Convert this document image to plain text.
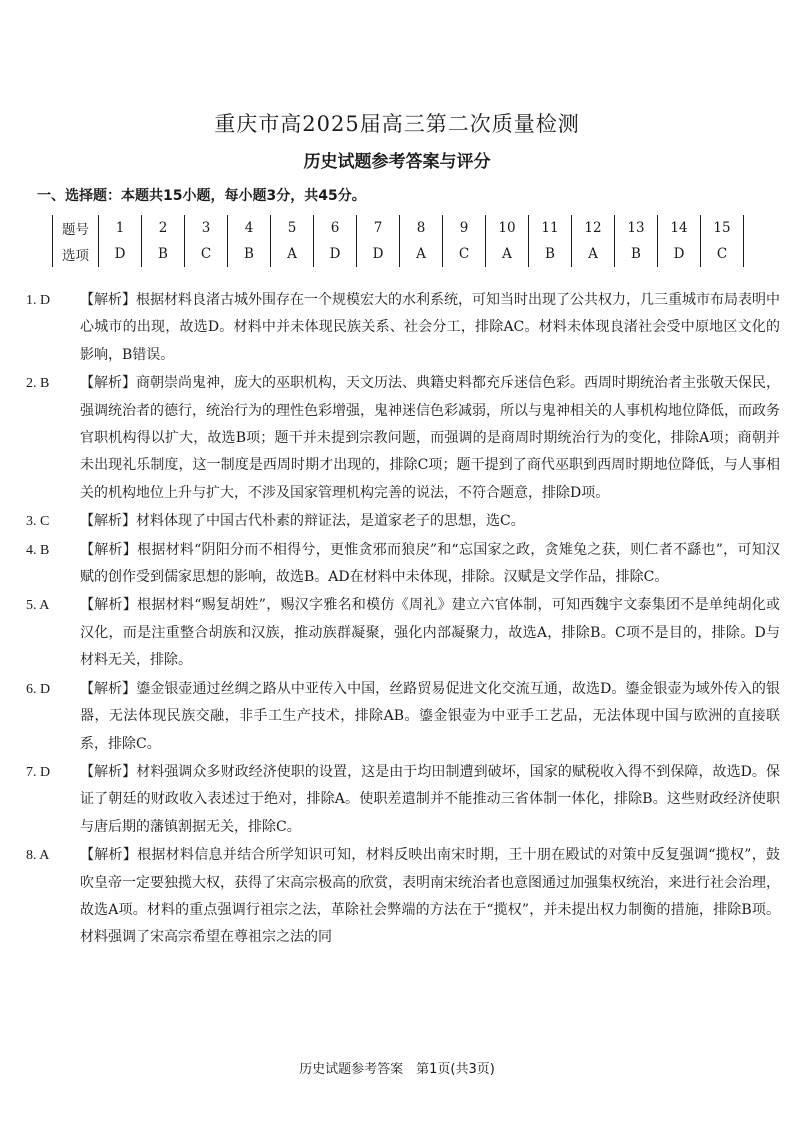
重庆市高2025届高三第二次质量检测
历史试题参考答案与评分
一、选择题：本题共15小题，每小题3分，共45分。
题号	1	2	3	4	5	6	7	8	9	10	11	12	13	14	15
选项	D	B	C	B	A	D	D	A	C	A	B	A	B	D	C
1. D	【解析】根据材料良渚古城外围存在一个规模宏大的水利系统，可知当时出现了公共权力，几三重城市布局表明中心城市的出现，故选D。材料中并未体现民族关系、社会分工，排除AC。材料未体现良渚社会受中原地区文化的影响，B错误。
2. B	【解析】商朝崇尚鬼神，庞大的巫职机构，天文历法、典籍史料都充斥迷信色彩。西周时期统治者主张敬天保民，强调统治者的德行，统治行为的理性色彩增强，鬼神迷信色彩减弱，所以与鬼神相关的人事机构地位降低，而政务官职机构得以扩大，故选B项；题干并未提到宗教问题，而强调的是商周时期统治行为的变化，排除A项；商朝并未出现礼乐制度，这一制度是西周时期才出现的，排除C项；题干提到了商代巫职到西周时期地位降低，与人事相关的机构地位上升与扩大，不涉及国家管理机构完善的说法，不符合题意，排除D项。
3. C	【解析】材料体现了中国古代朴素的辩证法，是道家老子的思想，选C。
4. B	【解析】根据材料“阴阳分而不相得兮，更惟贪邪而狼戾”和“忘国家之政，贪雉兔之获，则仁者不繇也”，可知汉赋的创作受到儒家思想的影响，故选B。AD在材料中未体现，排除。汉赋是文学作品，排除C。
5. A	【解析】根据材料“赐复胡姓”，赐汉字雅名和模仿《周礼》建立六官体制，可知西魏宇文泰集团不是单纯胡化或汉化，而是注重整合胡族和汉族，推动族群凝聚，强化内部凝聚力，故选A，排除B。C项不是目的，排除。D与材料无关，排除。
6. D	【解析】鎏金银壶通过丝绸之路从中亚传入中国，丝路贸易促进文化交流互通，故选D。鎏金银壶为域外传入的银器，无法体现民族交融，非手工生产技术，排除AB。鎏金银壶为中亚手工艺品，无法体现中国与欧洲的直接联系，排除C。
7. D	【解析】材料强调众多财政经济使职的设置，这是由于均田制遭到破坏，国家的赋税收入得不到保障，故选D。保证了朝廷的财政收入表述过于绝对，排除A。使职差遣制并不能推动三省体制一体化，排除B。这些财政经济使职与唐后期的藩镇割据无关，排除C。
8. A	【解析】根据材料信息并结合所学知识可知，材料反映出南宋时期，王十朋在殿试的对策中反复强调“揽权”，鼓吹皇帝一定要独揽大权，获得了宋高宗极高的欣赏，表明南宋统治者也意图通过加强集权统治，来进行社会治理，故选A项。材料的重点强调行祖宗之法，革除社会弊端的方法在于“揽权”，并未提出权力制衡的措施，排除B项。材料强调了宋高宗希望在尊祖宗之法的同
历史试题参考答案　第1页(共3页)
